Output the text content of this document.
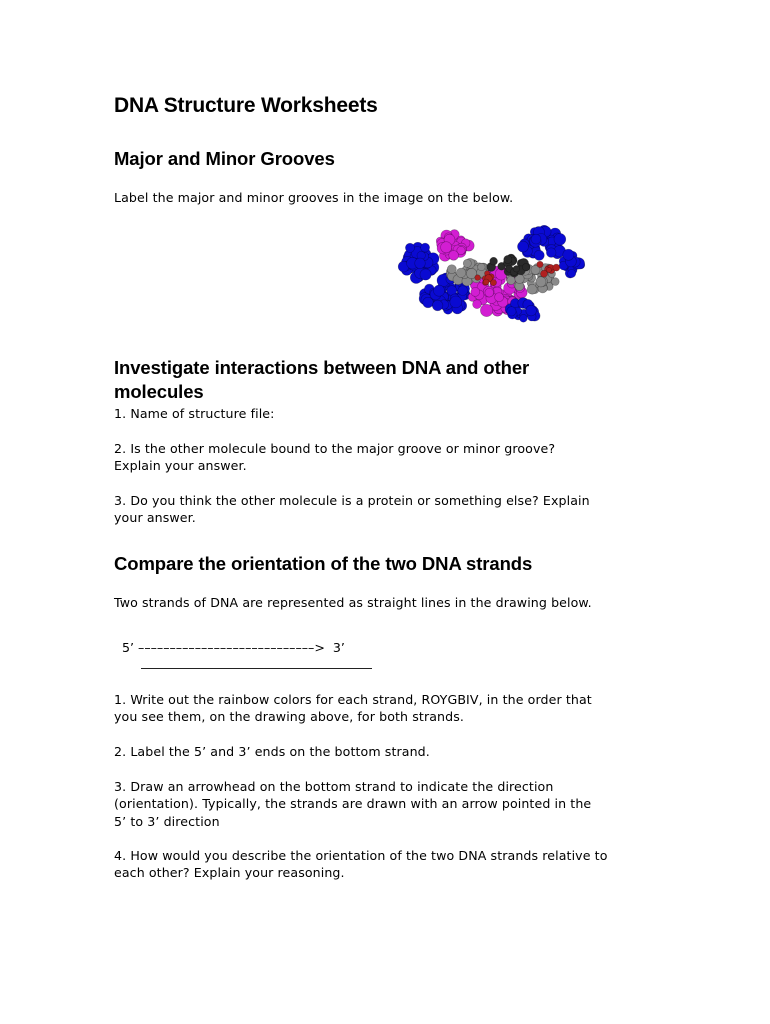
DNA Structure Worksheets
Major and Minor Grooves
Label the major and minor grooves in the image on the below.
Investigate interactions between DNA and other
molecules
1. Name of structure file:
2. Is the other molecule bound to the major groove or minor groove?
Explain your answer.
3. Do you think the other molecule is a protein or something else? Explain
your answer.
Compare the orientation of the two DNA strands
Two strands of DNA are represented as straight lines in the drawing below.
5’ ––––––––––––––––––––––––––––>  3’
1. Write out the rainbow colors for each strand, ROYGBIV, in the order that
you see them, on the drawing above, for both strands.
2. Label the 5’ and 3’ ends on the bottom strand.
3. Draw an arrowhead on the bottom strand to indicate the direction
(orientation). Typically, the strands are drawn with an arrow pointed in the
5’ to 3’ direction
4. How would you describe the orientation of the two DNA strands relative to
each other? Explain your reasoning.
